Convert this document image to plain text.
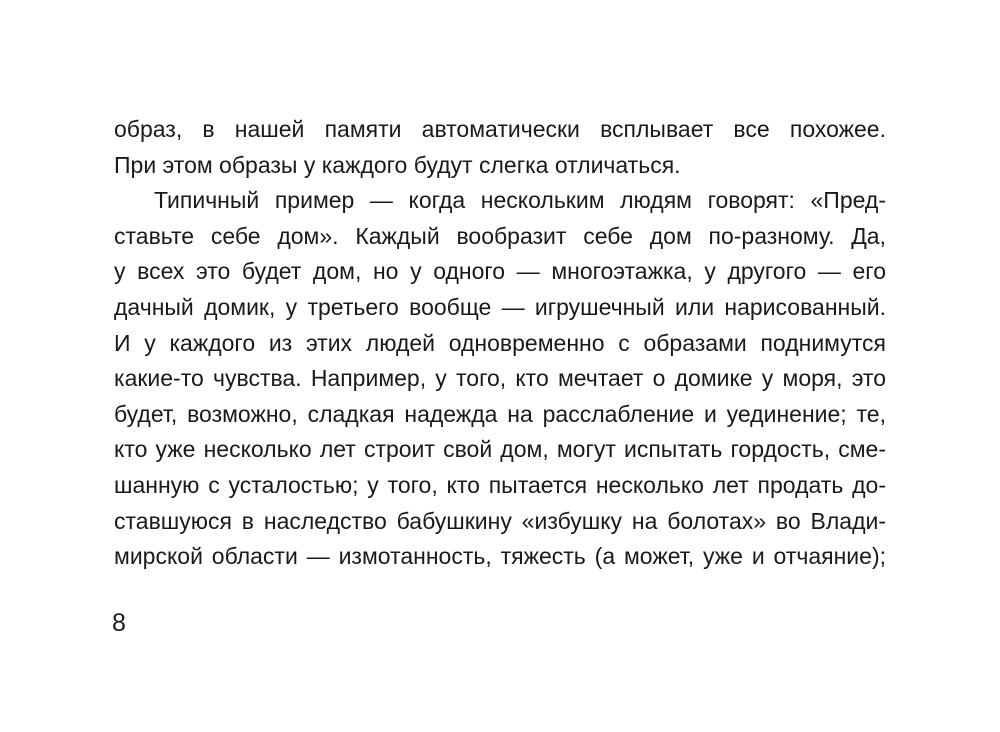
образ, в нашей памяти автоматически всплывает все похожее.
При этом образы у каждого будут слегка отличаться.
Типичный пример — когда нескольким людям говорят: «Пред-
ставьте себе дом». Каждый вообразит себе дом по-разному. Да,
у всех это будет дом, но у одного — многоэтажка, у другого — его
дачный домик, у третьего вообще — игрушечный или нарисованный.
И у каждого из этих людей одновременно с образами поднимутся
какие-то чувства. Например, у того, кто мечтает о домике у моря, это
будет, возможно, сладкая надежда на расслабление и уединение; те,
кто уже несколько лет строит свой дом, могут испытать гордость, сме-
шанную с усталостью; у того, кто пытается несколько лет продать до-
ставшуюся в наследство бабушкину «избушку на болотах» во Влади-
мирской области — измотанность, тяжесть (а может, уже и отчаяние);
8
